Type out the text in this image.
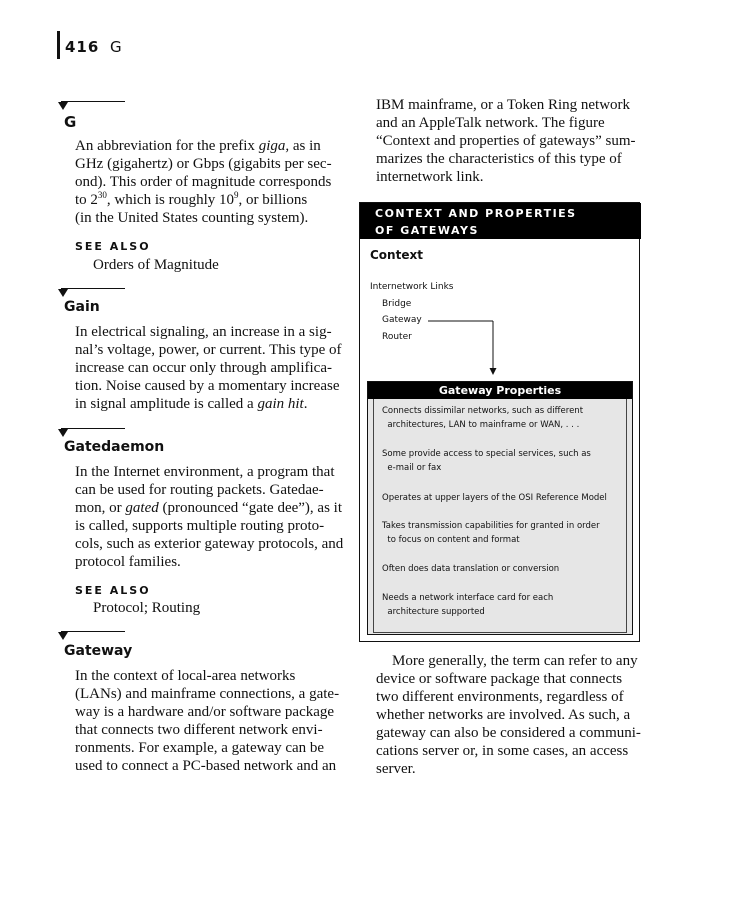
416 G
G
An abbreviation for the prefix giga, as in
GHz (gigahertz) or Gbps (gigabits per sec-
ond). This order of magnitude corresponds
to $2^{30}$, which is roughly $10^9$, or billions
(in the United States counting system).
SEE ALSO
Orders of Magnitude
Gain
In electrical signaling, an increase in a sig-
nal’s voltage, power, or current. This type of
increase can occur only through amplifica-
tion. Noise caused by a momentary increase
in signal amplitude is called a gain hit.
Gatedaemon
In the Internet environment, a program that
can be used for routing packets. Gatedae-
mon, or gated (pronounced “gate dee”), as it
is called, supports multiple routing proto-
cols, such as exterior gateway protocols, and
protocol families.
SEE ALSO
Protocol; Routing
Gateway
In the context of local-area networks
(LANs) and mainframe connections, a gate-
way is a hardware and/or software package
that connects two different network envi-
ronments. For example, a gateway can be
used to connect a PC-based network and an
IBM mainframe, or a Token Ring network
and an AppleTalk network. The figure
“Context and properties of gateways” sum-
marizes the characteristics of this type of
internetwork link.
CONTEXT AND PROPERTIES
OF GATEWAYS
Context
Internetwork Links
Bridge
Gateway
Router
Gateway Properties
Connects dissimilar networks, such as different
architectures, LAN to mainframe or WAN, . . .
Some provide access to special services, such as
e-mail or fax
Operates at upper layers of the OSI Reference Model
Takes transmission capabilities for granted in order
to focus on content and format
Often does data translation or conversion
Needs a network interface card for each
architecture supported
More generally, the term can refer to any
device or software package that connects
two different environments, regardless of
whether networks are involved. As such, a
gateway can also be considered a communi-
cations server or, in some cases, an access
server.
